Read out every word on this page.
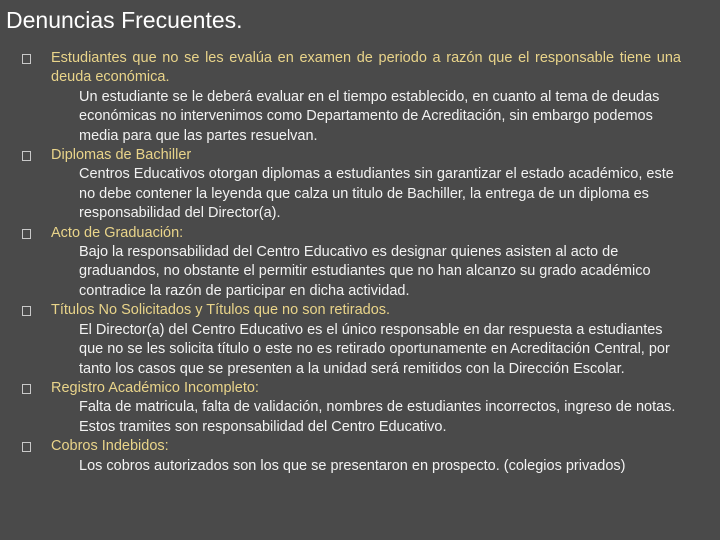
Denuncias Frecuentes.

Estudiantes que no se les evalúa en examen de periodo a razón que el responsable tiene una deuda económica.

Un estudiante se le deberá evaluar en el tiempo establecido, en cuanto al tema de deudas económicas no intervenimos como Departamento de Acreditación, sin embargo podemos media para que las partes resuelvan.

Diplomas de Bachiller

Centros Educativos otorgan diplomas a estudiantes sin garantizar el estado académico, este no debe contener la leyenda que calza un titulo de Bachiller, la entrega de un diploma es responsabilidad del Director(a).

Acto de Graduación:

Bajo la responsabilidad del Centro Educativo es designar quienes asisten al acto de graduandos, no obstante el permitir estudiantes que no han alcanzo su grado académico contradice la razón de participar en dicha actividad.

Títulos No Solicitados y Títulos que no son retirados.

El Director(a) del Centro Educativo es el único responsable en dar respuesta a estudiantes que no se les solicita título o este no es retirado oportunamente en Acreditación Central, por tanto los casos que se presenten a la unidad será remitidos con la Dirección Escolar.

Registro Académico Incompleto:

Falta de matricula, falta de validación, nombres de estudiantes incorrectos, ingreso de notas. Estos tramites son responsabilidad del Centro Educativo.

Cobros Indebidos:

Los cobros autorizados son los que se presentaron en prospecto. (colegios privados)
